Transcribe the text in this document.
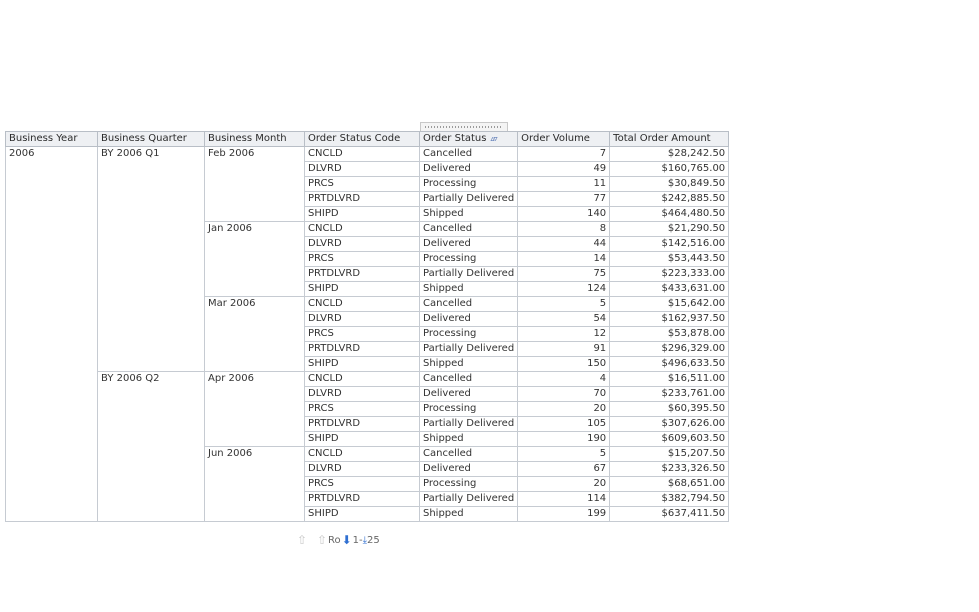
Business Year	Business Quarter	Business Month	Order Status Code	Order Status ▵▿	Order Volume	Total Order Amount
2006	BY 2006 Q1	Feb 2006	CNCLD	Cancelled	7	$28,242.50
			DLVRD	Delivered	49	$160,765.00
			PRCS	Processing	11	$30,849.50
			PRTDLVRD	Partially Delivered	77	$242,885.50
			SHIPD	Shipped	140	$464,480.50
		Jan 2006	CNCLD	Cancelled	8	$21,290.50
			DLVRD	Delivered	44	$142,516.00
			PRCS	Processing	14	$53,443.50
			PRTDLVRD	Partially Delivered	75	$223,333.00
			SHIPD	Shipped	124	$433,631.00
		Mar 2006	CNCLD	Cancelled	5	$15,642.00
			DLVRD	Delivered	54	$162,937.50
			PRCS	Processing	12	$53,878.00
			PRTDLVRD	Partially Delivered	91	$296,329.00
			SHIPD	Shipped	150	$496,633.50
	BY 2006 Q2	Apr 2006	CNCLD	Cancelled	4	$16,511.00
			DLVRD	Delivered	70	$233,761.00
			PRCS	Processing	20	$60,395.50
			PRTDLVRD	Partially Delivered	105	$307,626.00
			SHIPD	Shipped	190	$609,603.50
		Jun 2006	CNCLD	Cancelled	5	$15,207.50
			DLVRD	Delivered	67	$233,326.50
			PRCS	Processing	20	$68,651.00
			PRTDLVRD	Partially Delivered	114	$382,794.50
			SHIPD	Shipped	199	$637,411.50
⇧ ⇧ Ro ⬇ 1- ⤓ 25
